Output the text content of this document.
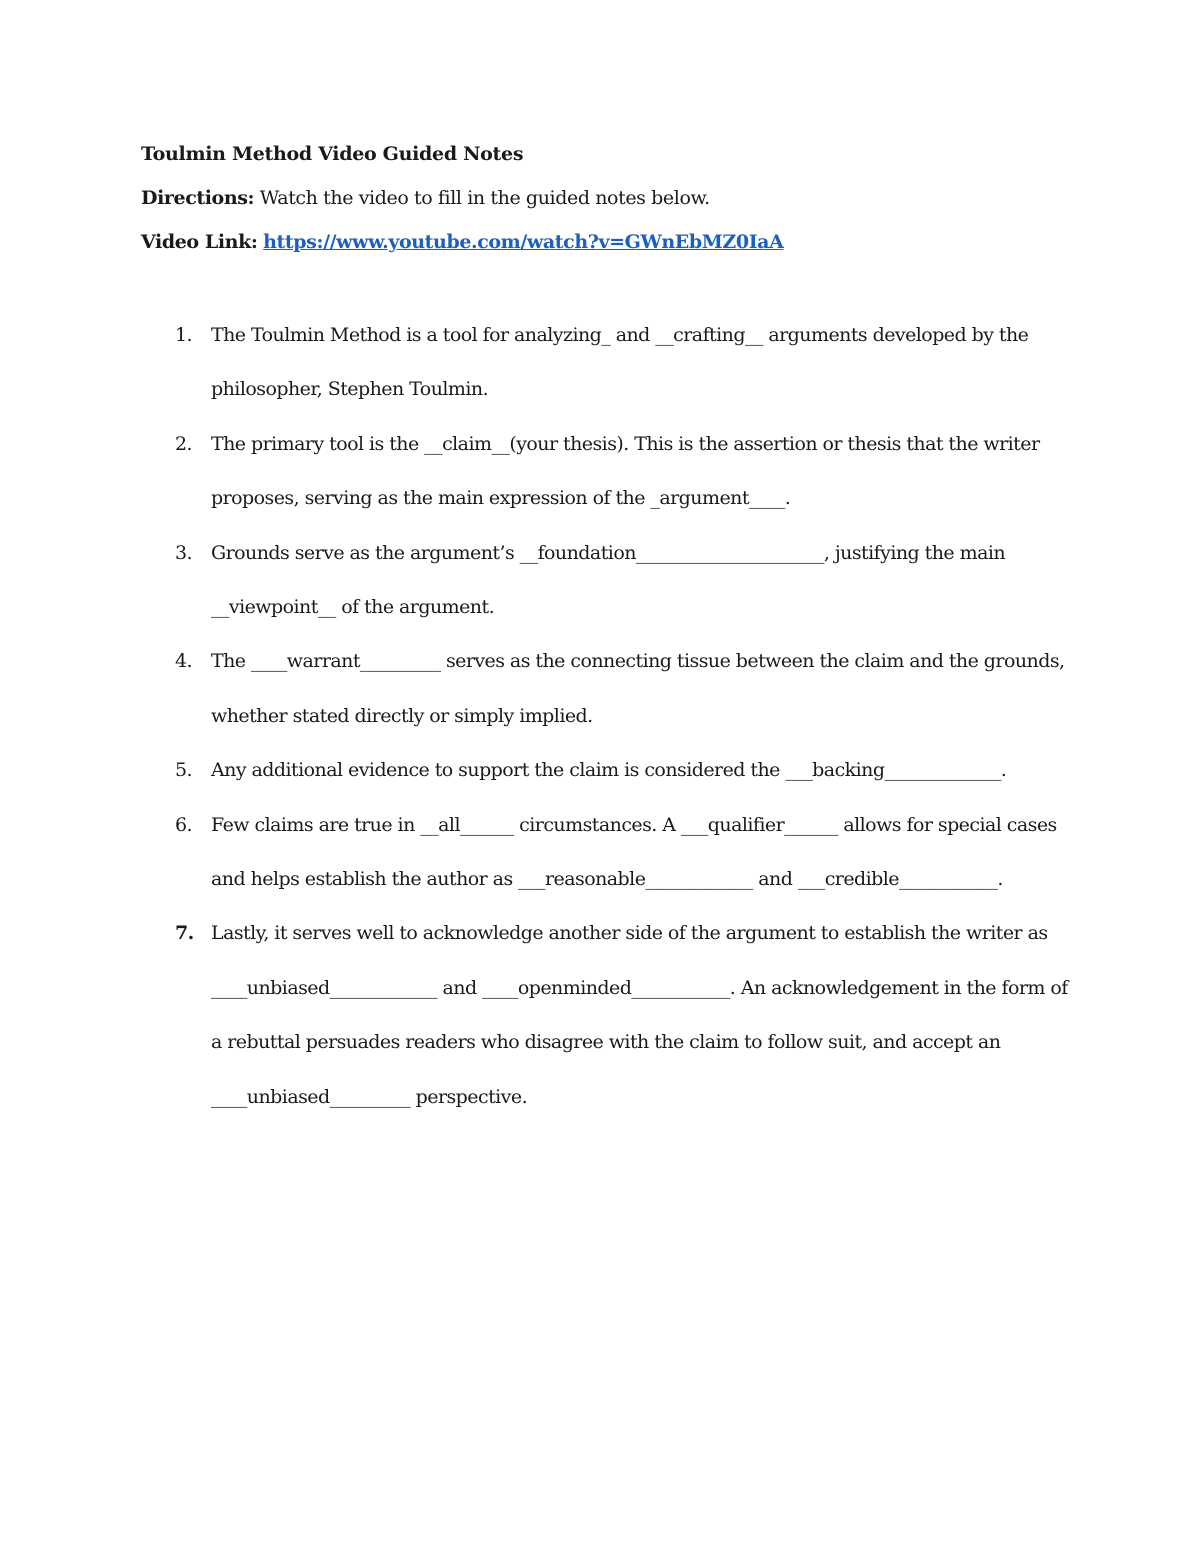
Toulmin Method Video Guided Notes
Directions: Watch the video to fill in the guided notes below.
Video Link: https://www.youtube.com/watch?v=GWnEbMZ0IaA
1. The Toulmin Method is a tool for analyzing_ and __crafting__ arguments developed by the philosopher, Stephen Toulmin.
2. The primary tool is the __claim__(your thesis). This is the assertion or thesis that the writer proposes, serving as the main expression of the _argument____.
3. Grounds serve as the argument’s __foundation_____________________, justifying the main __viewpoint__ of the argument.
4. The ____warrant_________ serves as the connecting tissue between the claim and the grounds, whether stated directly or simply implied.
5. Any additional evidence to support the claim is considered the ___backing_____________.
6. Few claims are true in __all______ circumstances. A ___qualifier______ allows for special cases and helps establish the author as ___reasonable____________ and ___credible___________.
7. Lastly, it serves well to acknowledge another side of the argument to establish the writer as ____unbiased____________ and ____openminded___________. An acknowledgement in the form of a rebuttal persuades readers who disagree with the claim to follow suit, and accept an ____unbiased_________ perspective.
